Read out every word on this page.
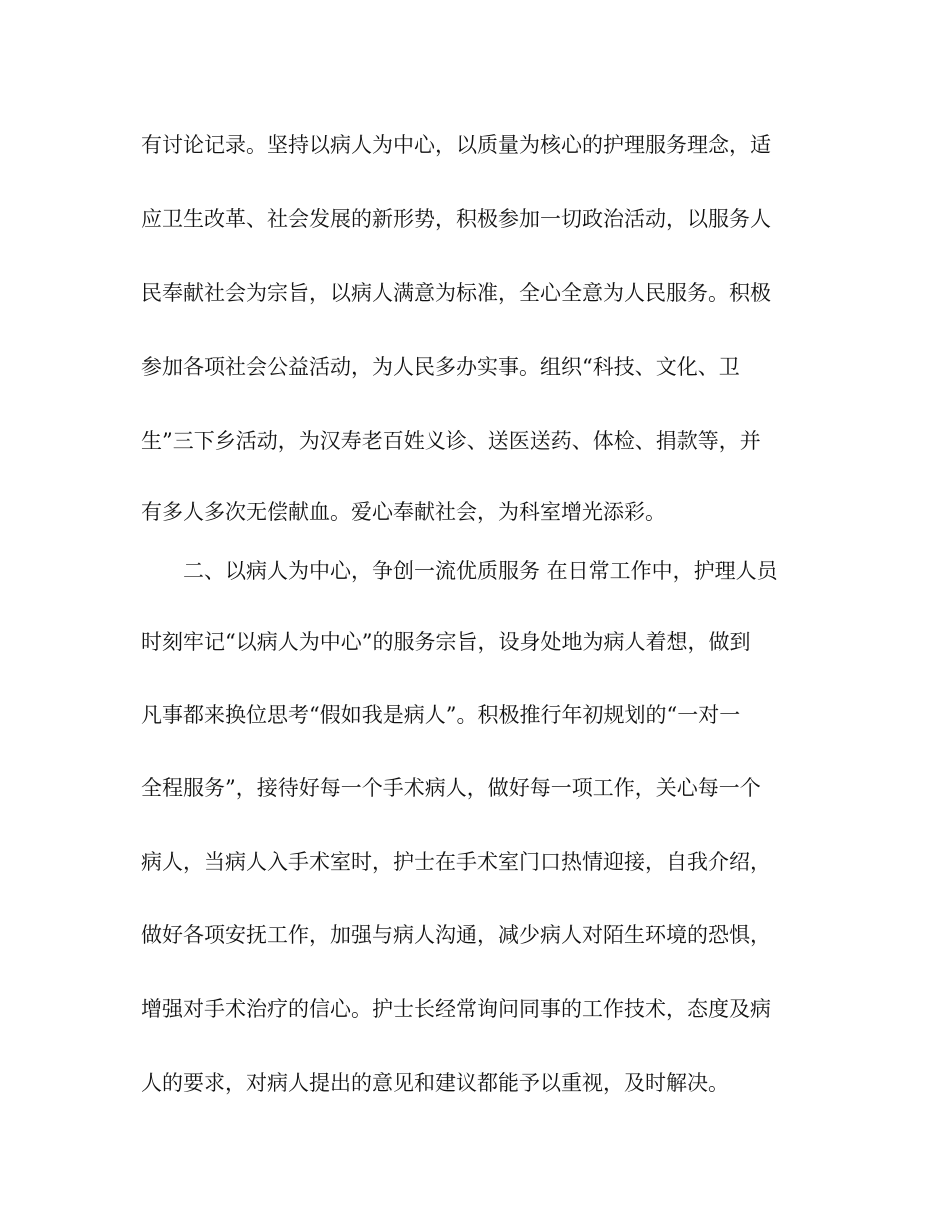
有讨论记录。坚持以病人为中心，以质量为核心的护理服务理念，适

应卫生改革、社会发展的新形势，积极参加一切政治活动，以服务人

民奉献社会为宗旨，以病人满意为标准，全心全意为人民服务。积极

参加各项社会公益活动，为人民多办实事。组织“科技、文化、卫

生”三下乡活动，为汉寿老百姓义诊、送医送药、体检、捐款等，并

有多人多次无偿献血。爱心奉献社会，为科室增光添彩。

二、以病人为中心，争创一流优质服务 在日常工作中，护理人员

时刻牢记“以病人为中心”的服务宗旨，设身处地为病人着想，做到

凡事都来换位思考“假如我是病人”。积极推行年初规划的“一对一

全程服务”，接待好每一个手术病人，做好每一项工作，关心每一个

病人，当病人入手术室时，护士在手术室门口热情迎接，自我介绍，

做好各项安抚工作，加强与病人沟通，减少病人对陌生环境的恐惧，

增强对手术治疗的信心。护士长经常询问同事的工作技术，态度及病

人的要求，对病人提出的意见和建议都能予以重视，及时解决。
